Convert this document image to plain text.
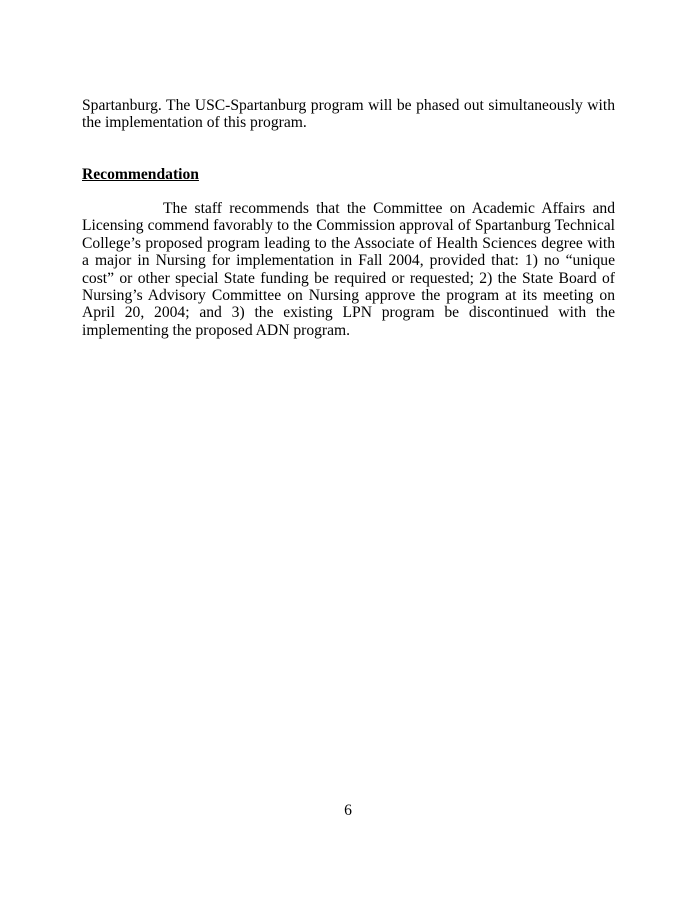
Spartanburg. The USC-Spartanburg program will be phased out simultaneously with the implementation of this program.

Recommendation

The staff recommends that the Committee on Academic Affairs and Licensing commend favorably to the Commission approval of Spartanburg Technical College’s proposed program leading to the Associate of Health Sciences degree with a major in Nursing for implementation in Fall 2004, provided that: 1) no “unique cost” or other special State funding be required or requested; 2) the State Board of Nursing’s Advisory Committee on Nursing approve the program at its meeting on April 20, 2004; and 3) the existing LPN program be discontinued with the implementing the proposed ADN program.

6
